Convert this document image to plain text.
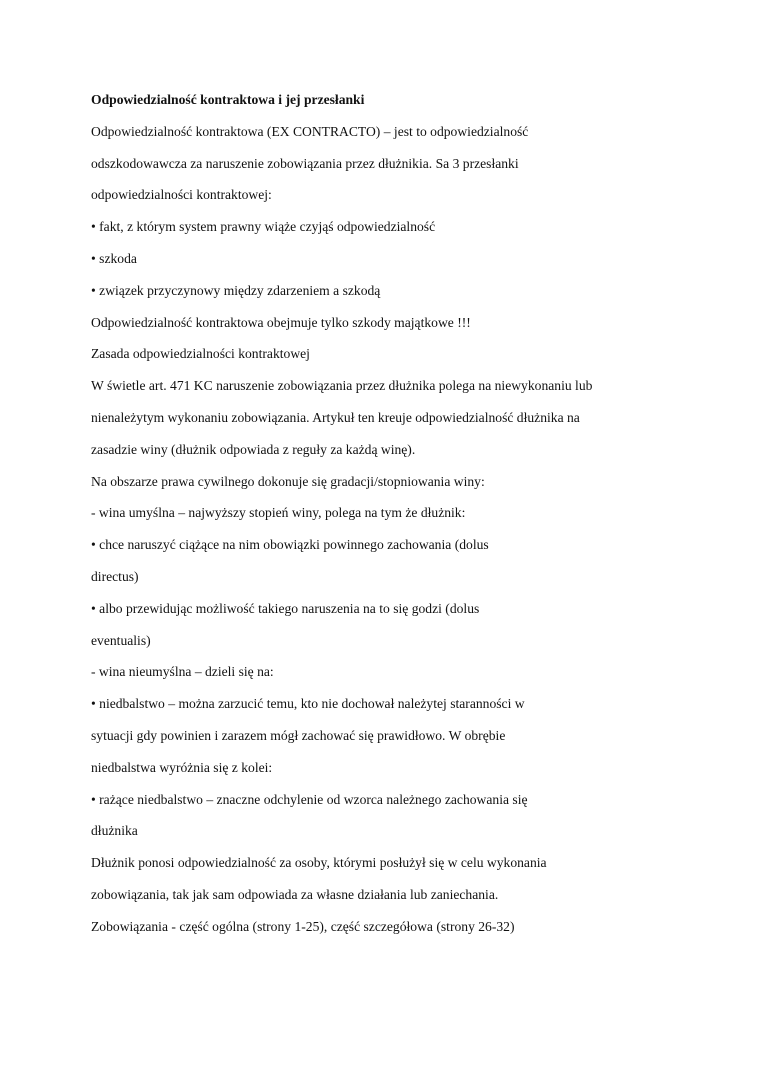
Odpowiedzialność kontraktowa i jej przesłanki
Odpowiedzialność kontraktowa (EX CONTRACTO) – jest to odpowiedzialność
odszkodowawcza za naruszenie zobowiązania przez dłużnikia. Sa 3 przesłanki
odpowiedzialności kontraktowej:
• fakt, z którym system prawny wiąże czyjąś odpowiedzialność
• szkoda
• związek przyczynowy między zdarzeniem a szkodą
Odpowiedzialność kontraktowa obejmuje tylko szkody majątkowe !!!
Zasada odpowiedzialności kontraktowej
W świetle art. 471 KC naruszenie zobowiązania przez dłużnika polega na niewykonaniu lub
nienależytym wykonaniu zobowiązania. Artykuł ten kreuje odpowiedzialność dłużnika na
zasadzie winy (dłużnik odpowiada z reguły za każdą winę).
Na obszarze prawa cywilnego dokonuje się gradacji/stopniowania winy:
- wina umyślna – najwyższy stopień winy, polega na tym że dłużnik:
• chce naruszyć ciążące na nim obowiązki powinnego zachowania (dolus
directus)
• albo przewidując możliwość takiego naruszenia na to się godzi (dolus
eventualis)
- wina nieumyślna – dzieli się na:
• niedbalstwo – można zarzucić temu, kto nie dochował należytej staranności w
sytuacji gdy powinien i zarazem mógł zachować się prawidłowo. W obrębie
niedbalstwa wyróżnia się z kolei:
• rażące niedbalstwo – znaczne odchylenie od wzorca należnego zachowania się
dłużnika
Dłużnik ponosi odpowiedzialność za osoby, którymi posłużył się w celu wykonania
zobowiązania, tak jak sam odpowiada za własne działania lub zaniechania.
Zobowiązania - część ogólna (strony 1-25), część szczegółowa (strony 26-32)
